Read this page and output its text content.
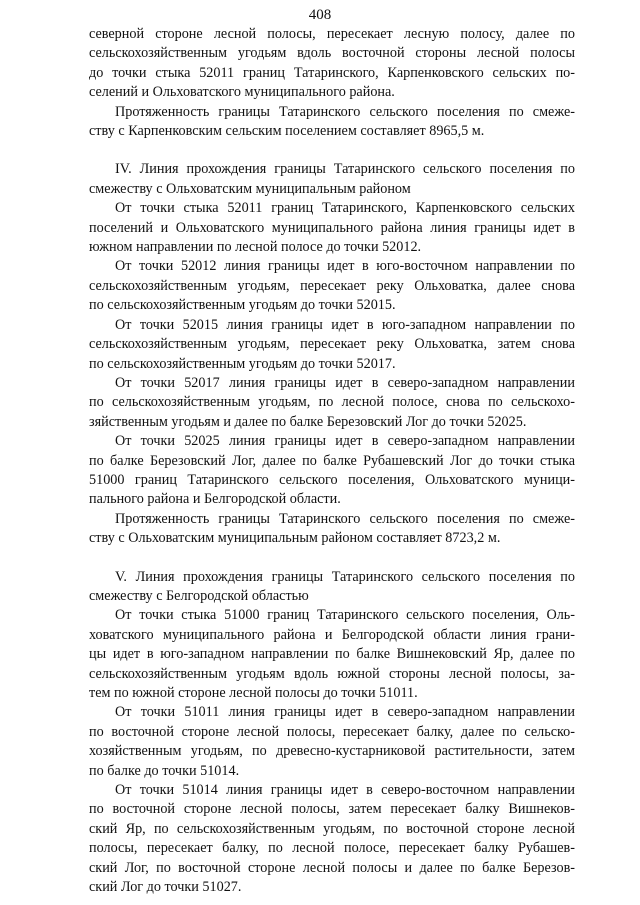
408

северной стороне лесной полосы, пересекает лесную полосу, далее по

сельскохозяйственным угодьям вдоль восточной стороны лесной полосы

до точки стыка 52011 границ Татаринского, Карпенковского сельских по-

селений и Ольховатского муниципального района.

Протяженность границы Татаринского сельского поселения по смеже-

ству с Карпенковским сельским поселением составляет 8965,5 м.

IV. Линия прохождения границы Татаринского сельского поселения по

смежеству с Ольховатским муниципальным районом

От точки стыка 52011 границ Татаринского, Карпенковского сельских

поселений и Ольховатского муниципального района линия границы идет в

южном направлении по лесной полосе до точки 52012.

От точки 52012 линия границы идет в юго-восточном направлении по

сельскохозяйственным угодьям, пересекает реку Ольховатка, далее снова

по сельскохозяйственным угодьям до точки 52015.

От точки 52015 линия границы идет в юго-западном направлении по

сельскохозяйственным угодьям, пересекает реку Ольховатка, затем снова

по сельскохозяйственным угодьям до точки 52017.

От точки 52017 линия границы идет в северо-западном направлении

по сельскохозяйственным угодьям, по лесной полосе, снова по сельскохо-

зяйственным угодьям и далее по балке Березовский Лог до точки 52025.

От точки 52025 линия границы идет в северо-западном направлении

по балке Березовский Лог, далее по балке Рубашевский Лог до точки стыка

51000 границ Татаринского сельского поселения, Ольховатского муници-

пального района и Белгородской области.

Протяженность границы Татаринского сельского поселения по смеже-

ству с Ольховатским муниципальным районом составляет 8723,2 м.

V. Линия прохождения границы Татаринского сельского поселения по

смежеству с Белгородской областью

От точки стыка 51000 границ Татаринского сельского поселения, Оль-

ховатского муниципального района и Белгородской области линия грани-

цы идет в юго-западном направлении по балке Вишнековский Яр, далее по

сельскохозяйственным угодьям вдоль южной стороны лесной полосы, за-

тем по южной стороне лесной полосы до точки 51011.

От точки 51011 линия границы идет в северо-западном направлении

по восточной стороне лесной полосы, пересекает балку, далее по сельско-

хозяйственным угодьям, по древесно-кустарниковой растительности, затем

по балке до точки 51014.

От точки 51014 линия границы идет в северо-восточном направлении

по восточной стороне лесной полосы, затем пересекает балку Вишнеков-

ский Яр, по сельскохозяйственным угодьям, по восточной стороне лесной

полосы, пересекает балку, по лесной полосе, пересекает балку Рубашев-

ский Лог, по восточной стороне лесной полосы и далее по балке Березов-

ский Лог до точки 51027.
